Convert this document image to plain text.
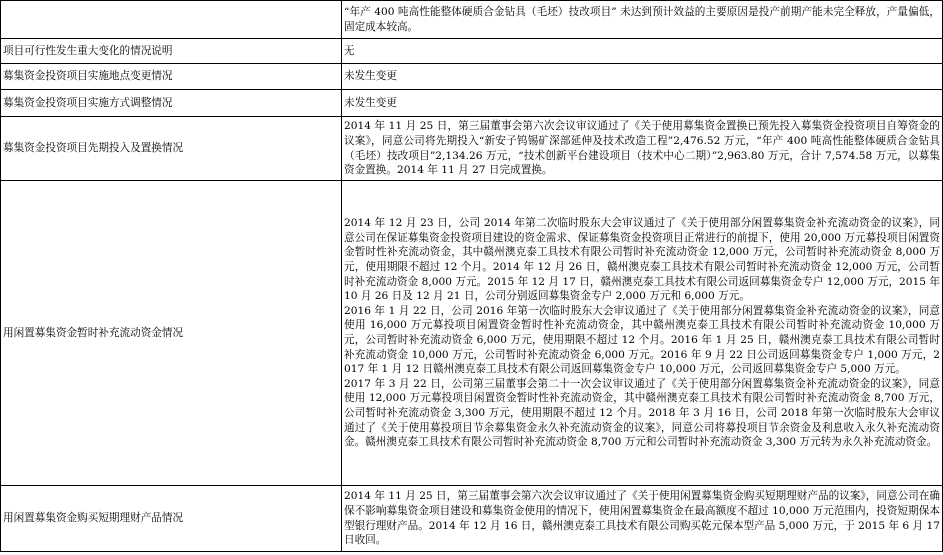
	“年产 400 吨高性能整体硬质合金钻具（毛坯）技改项目” 未达到预计效益的主要原因是投产前期产能未完全释放，产量偏低，固定成本较高。

项目可行性发生重大变化的情况说明	无

募集资金投资项目实施地点变更情况	未发生变更

募集资金投资项目实施方式调整情况	未发生变更

募集资金投资项目先期投入及置换情况	2014 年 11 月 25 日，第三届董事会第六次会议审议通过了《关于使用募集资金置换已预先投入募集资金投资项目自筹资金的议案》，同意公司将先期投入“新安子钨锡矿深部延伸及技术改造工程”2,476.52 万元，“年产 400 吨高性能整体硬质合金钻具（毛坯）技改项目”2,134.26 万元，“技术创新平台建设项目（技术中心二期）”2,963.80 万元，合计 7,574.58 万元，以募集资金置换。2014 年 11 月 27 日完成置换。

用闲置募集资金暂时补充流动资金情况	2014 年 12 月 23 日，公司 2014 年第二次临时股东大会审议通过了《关于使用部分闲置募集资金补充流动资金的议案》，同意公司在保证募集资金投资项目建设的资金需求、保证募集资金投资项目正常进行的前提下，使用 20,000 万元募投项目闲置资金暂时性补充流动资金，其中赣州澳克泰工具技术有限公司暂时补充流动资金 12,000 万元，公司暂时补充流动资金 8,000 万元，使用期限不超过 12 个月。2014 年 12 月 26 日，赣州澳克泰工具技术有限公司暂时补充流动资金 12,000 万元，公司暂时补充流动资金 8,000 万元。2015 年 12 月 17 日，赣州澳克泰工具技术有限公司返回募集资金专户 12,000 万元，2015 年 10 月 26 日及 12 月 21 日，公司分别返回募集资金专户 2,000 万元和 6,000 万元。
2016 年 1 月 22 日，公司 2016 年第一次临时股东大会审议通过了《关于使用部分闲置募集资金补充流动资金的议案》，同意使用 16,000 万元募投项目闲置资金暂时性补充流动资金，其中赣州澳克泰工具技术有限公司暂时补充流动资金 10,000 万元，公司暂时补充流动资金 6,000 万元，使用期限不超过 12 个月。2016 年 1 月 25 日，赣州澳克泰工具技术有限公司暂时补充流动资金 10,000 万元，公司暂时补充流动资金 6,000 万元。2016 年 9 月 22 日公司返回募集资金专户 1,000 万元，2017 年 1 月 12 日赣州澳克泰工具技术有限公司返回募集资金专户 10,000 万元，公司返回募集资金专户 5,000 万元。
2017 年 3 月 22 日，公司第三届董事会第二十一次会议审议通过了《关于使用部分闲置募集资金补充流动资金的议案》，同意使用 12,000 万元募投项目闲置资金暂时性补充流动资金，其中赣州澳克泰工具技术有限公司暂时补充流动资金 8,700 万元，公司暂时补充流动资金 3,300 万元，使用期限不超过 12 个月。2018 年 3 月 16 日，公司 2018 年第一次临时股东大会审议通过了《关于使用募投项目节余募集资金永久补充流动资金的议案》，同意公司将募投项目节余资金及利息收入永久补充流动资金。赣州澳克泰工具技术有限公司暂时补充流动资金 8,700 万元和公司暂时补充流动资金 3,300 万元转为永久补充流动资金。

用闲置募集资金购买短期理财产品情况	2014 年 11 月 25 日，第三届董事会第六次会议审议通过了《关于使用闲置募集资金购买短期理财产品的议案》，同意公司在确保不影响募集资金项目建设和募集资金使用的情况下，使用闲置募集资金在最高额度不超过 10,000 万元范围内，投资短期保本型银行理财产品。2014 年 12 月 16 日，赣州澳克泰工具技术有限公司购买乾元保本型产品 5,000 万元，于 2015 年 6 月 17 日收回。
